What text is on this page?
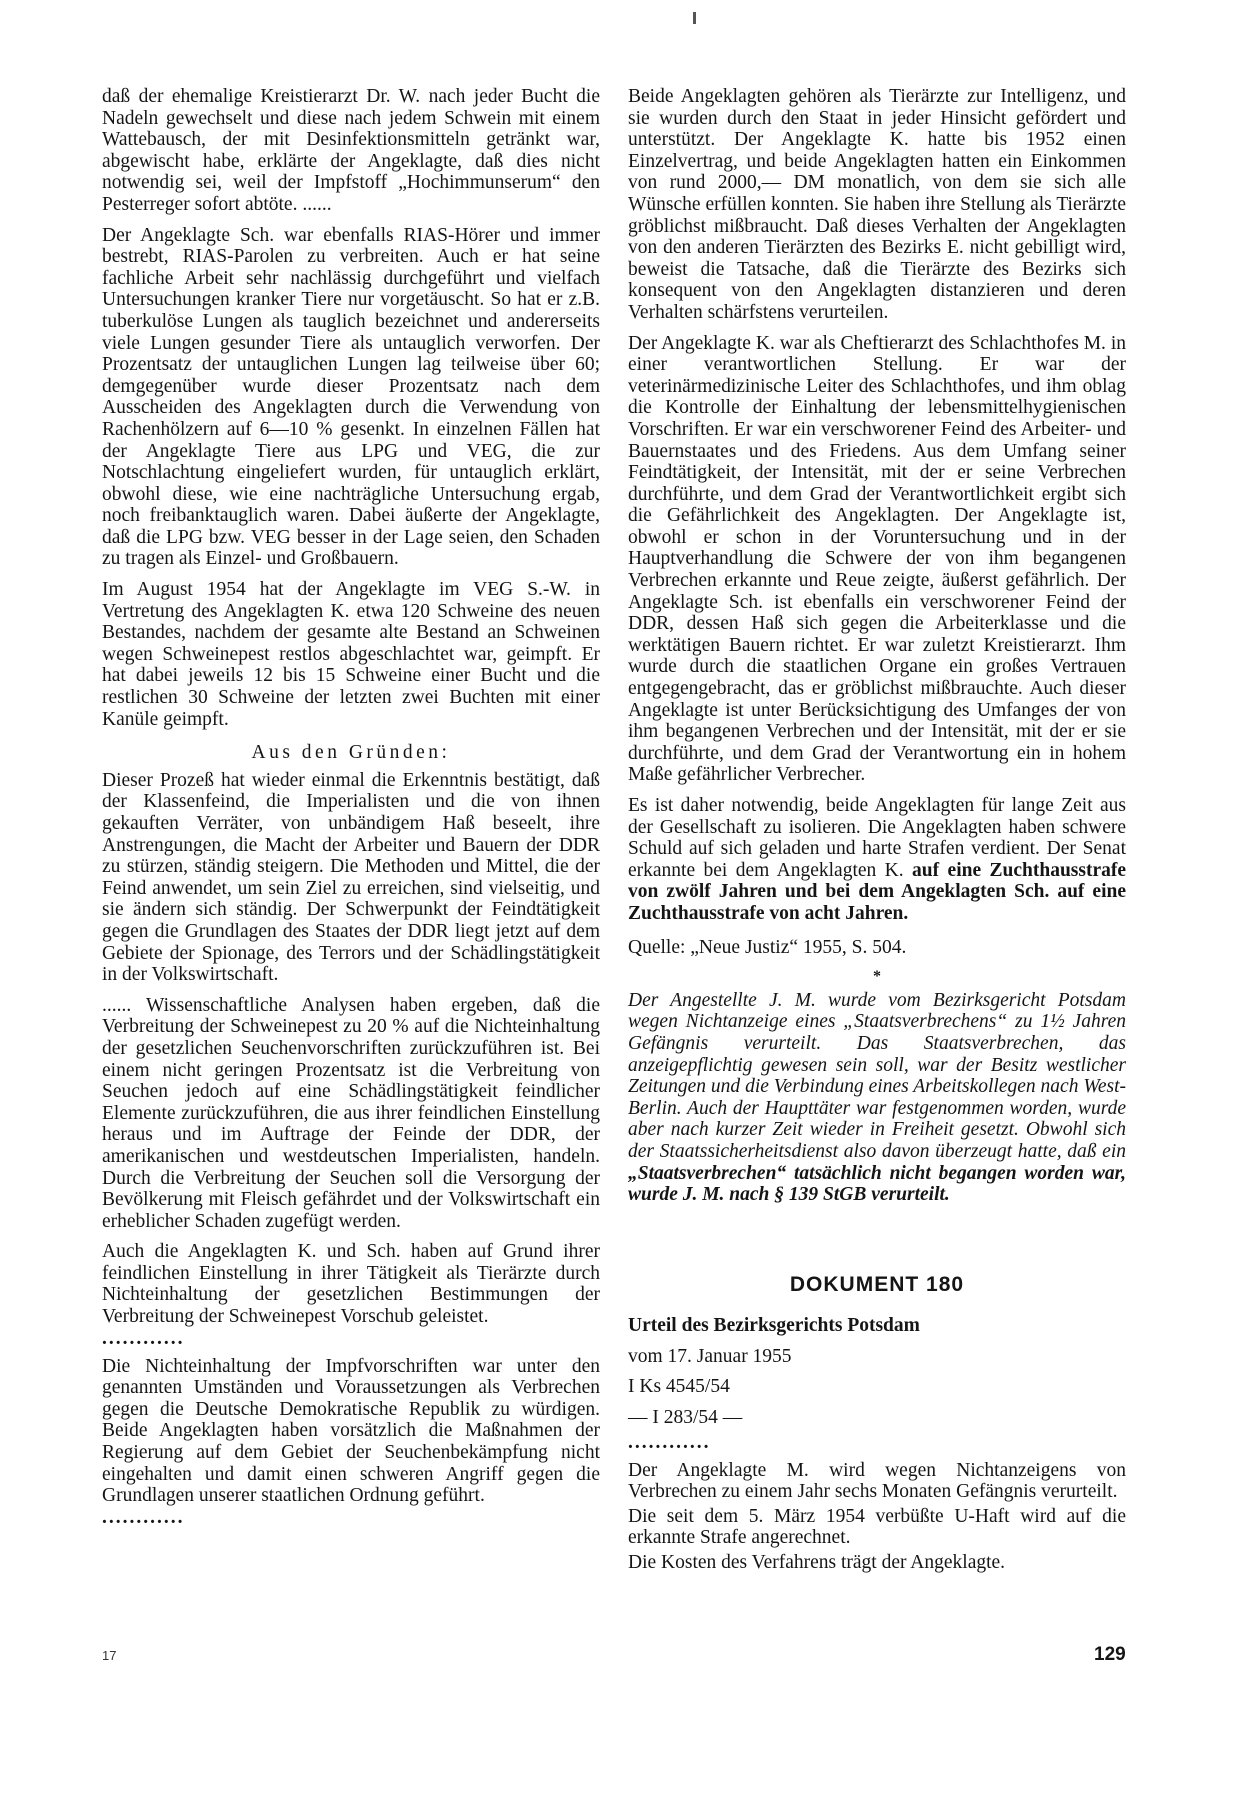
daß der ehemalige Kreistierarzt Dr. W. nach jeder Bucht die Nadeln gewechselt und diese nach jedem Schwein mit einem Wattebausch, der mit Desinfektionsmitteln getränkt war, abgewischt habe, erklärte der Angeklagte, daß dies nicht notwendig sei, weil der Impfstoff „Hochimmunserum“ den Pesterreger sofort abtöte. ......

Der Angeklagte Sch. war ebenfalls RIAS-Hörer und immer bestrebt, RIAS-Parolen zu verbreiten. Auch er hat seine fachliche Arbeit sehr nachlässig durchgeführt und vielfach Untersuchungen kranker Tiere nur vorgetäuscht. So hat er z.B. tuberkulöse Lungen als tauglich bezeichnet und andererseits viele Lungen gesunder Tiere als untauglich verworfen. Der Prozentsatz der untauglichen Lungen lag teilweise über 60; demgegenüber wurde dieser Prozentsatz nach dem Ausscheiden des Angeklagten durch die Verwendung von Rachenhölzern auf 6—10 % gesenkt. In einzelnen Fällen hat der Angeklagte Tiere aus LPG und VEG, die zur Notschlachtung eingeliefert wurden, für untauglich erklärt, obwohl diese, wie eine nachträgliche Untersuchung ergab, noch freibanktauglich waren. Dabei äußerte der Angeklagte, daß die LPG bzw. VEG besser in der Lage seien, den Schaden zu tragen als Einzel- und Großbauern.

Im August 1954 hat der Angeklagte im VEG S.-W. in Vertretung des Angeklagten K. etwa 120 Schweine des neuen Bestandes, nachdem der gesamte alte Bestand an Schweinen wegen Schweinepest restlos abgeschlachtet war, geimpft. Er hat dabei jeweils 12 bis 15 Schweine einer Bucht und die restlichen 30 Schweine der letzten zwei Buchten mit einer Kanüle geimpft.

Aus den Gründen:

Dieser Prozeß hat wieder einmal die Erkenntnis bestätigt, daß der Klassenfeind, die Imperialisten und die von ihnen gekauften Verräter, von unbändigem Haß beseelt, ihre Anstrengungen, die Macht der Arbeiter und Bauern der DDR zu stürzen, ständig steigern. Die Methoden und Mittel, die der Feind anwendet, um sein Ziel zu erreichen, sind vielseitig, und sie ändern sich ständig. Der Schwerpunkt der Feindtätigkeit gegen die Grundlagen des Staates der DDR liegt jetzt auf dem Gebiete der Spionage, des Terrors und der Schädlingstätigkeit in der Volkswirtschaft.

...... Wissenschaftliche Analysen haben ergeben, daß die Verbreitung der Schweinepest zu 20 % auf die Nichteinhaltung der gesetzlichen Seuchenvorschriften zurückzuführen ist. Bei einem nicht geringen Prozentsatz ist die Verbreitung von Seuchen jedoch auf eine Schädlingstätigkeit feindlicher Elemente zurückzuführen, die aus ihrer feindlichen Einstellung heraus und im Auftrage der Feinde der DDR, der amerikanischen und westdeutschen Imperialisten, handeln. Durch die Verbreitung der Seuchen soll die Versorgung der Bevölkerung mit Fleisch gefährdet und der Volkswirtschaft ein erheblicher Schaden zugefügt werden.

Auch die Angeklagten K. und Sch. haben auf Grund ihrer feindlichen Einstellung in ihrer Tätigkeit als Tierärzte durch Nichteinhaltung der gesetzlichen Bestimmungen der Verbreitung der Schweinepest Vorschub geleistet.

............

Die Nichteinhaltung der Impfvorschriften war unter den genannten Umständen und Voraussetzungen als Verbrechen gegen die Deutsche Demokratische Republik zu würdigen. Beide Angeklagten haben vorsätzlich die Maßnahmen der Regierung auf dem Gebiet der Seuchenbekämpfung nicht eingehalten und damit einen schweren Angriff gegen die Grundlagen unserer staatlichen Ordnung geführt.

............

Beide Angeklagten gehören als Tierärzte zur Intelligenz, und sie wurden durch den Staat in jeder Hinsicht gefördert und unterstützt. Der Angeklagte K. hatte bis 1952 einen Einzelvertrag, und beide Angeklagten hatten ein Einkommen von rund 2000,— DM monatlich, von dem sie sich alle Wünsche erfüllen konnten. Sie haben ihre Stellung als Tierärzte gröblichst mißbraucht. Daß dieses Verhalten der Angeklagten von den anderen Tierärzten des Bezirks E. nicht gebilligt wird, beweist die Tatsache, daß die Tierärzte des Bezirks sich konsequent von den Angeklagten distanzieren und deren Verhalten schärfstens verurteilen.

Der Angeklagte K. war als Cheftierarzt des Schlachthofes M. in einer verantwortlichen Stellung. Er war der veterinärmedizinische Leiter des Schlachthofes, und ihm oblag die Kontrolle der Einhaltung der lebensmittelhygienischen Vorschriften. Er war ein verschworener Feind des Arbeiter- und Bauernstaates und des Friedens. Aus dem Umfang seiner Feindtätigkeit, der Intensität, mit der er seine Verbrechen durchführte, und dem Grad der Verantwortlichkeit ergibt sich die Gefährlichkeit des Angeklagten. Der Angeklagte ist, obwohl er schon in der Voruntersuchung und in der Hauptverhandlung die Schwere der von ihm begangenen Verbrechen erkannte und Reue zeigte, äußerst gefährlich. Der Angeklagte Sch. ist ebenfalls ein verschworener Feind der DDR, dessen Haß sich gegen die Arbeiterklasse und die werktätigen Bauern richtet. Er war zuletzt Kreistierarzt. Ihm wurde durch die staatlichen Organe ein großes Vertrauen entgegengebracht, das er gröblichst mißbrauchte. Auch dieser Angeklagte ist unter Berücksichtigung des Umfanges der von ihm begangenen Verbrechen und der Intensität, mit der er sie durchführte, und dem Grad der Verantwortung ein in hohem Maße gefährlicher Verbrecher.

Es ist daher notwendig, beide Angeklagten für lange Zeit aus der Gesellschaft zu isolieren. Die Angeklagten haben schwere Schuld auf sich geladen und harte Strafen verdient. Der Senat erkannte bei dem Angeklagten K. auf eine Zuchthausstrafe von zwölf Jahren und bei dem Angeklagten Sch. auf eine Zuchthausstrafe von acht Jahren.

Quelle: „Neue Justiz“ 1955, S. 504.
*

Der Angestellte J. M. wurde vom Bezirksgericht Potsdam wegen Nichtanzeige eines „Staatsverbrechens“ zu 1½ Jahren Gefängnis verurteilt. Das Staatsverbrechen, das anzeigepflichtig gewesen sein soll, war der Besitz westlicher Zeitungen und die Verbindung eines Arbeitskollegen nach West-Berlin. Auch der Haupttäter war festgenommen worden, wurde aber nach kurzer Zeit wieder in Freiheit gesetzt. Obwohl sich der Staatssicherheitsdienst also davon überzeugt hatte, daß ein „Staatsverbrechen“ tatsächlich nicht begangen worden war, wurde J. M. nach § 139 StGB verurteilt.

DOKUMENT 180

Urteil des Bezirksgerichts Potsdam

vom 17. Januar 1955

I Ks 4545/54

— I 283/54 —

............

Der Angeklagte M. wird wegen Nichtanzeigens von Verbrechen zu einem Jahr sechs Monaten Gefängnis verurteilt.

Die seit dem 5. März 1954 verbüßte U-Haft wird auf die erkannte Strafe angerechnet.

Die Kosten des Verfahrens trägt der Angeklagte.

17	129
